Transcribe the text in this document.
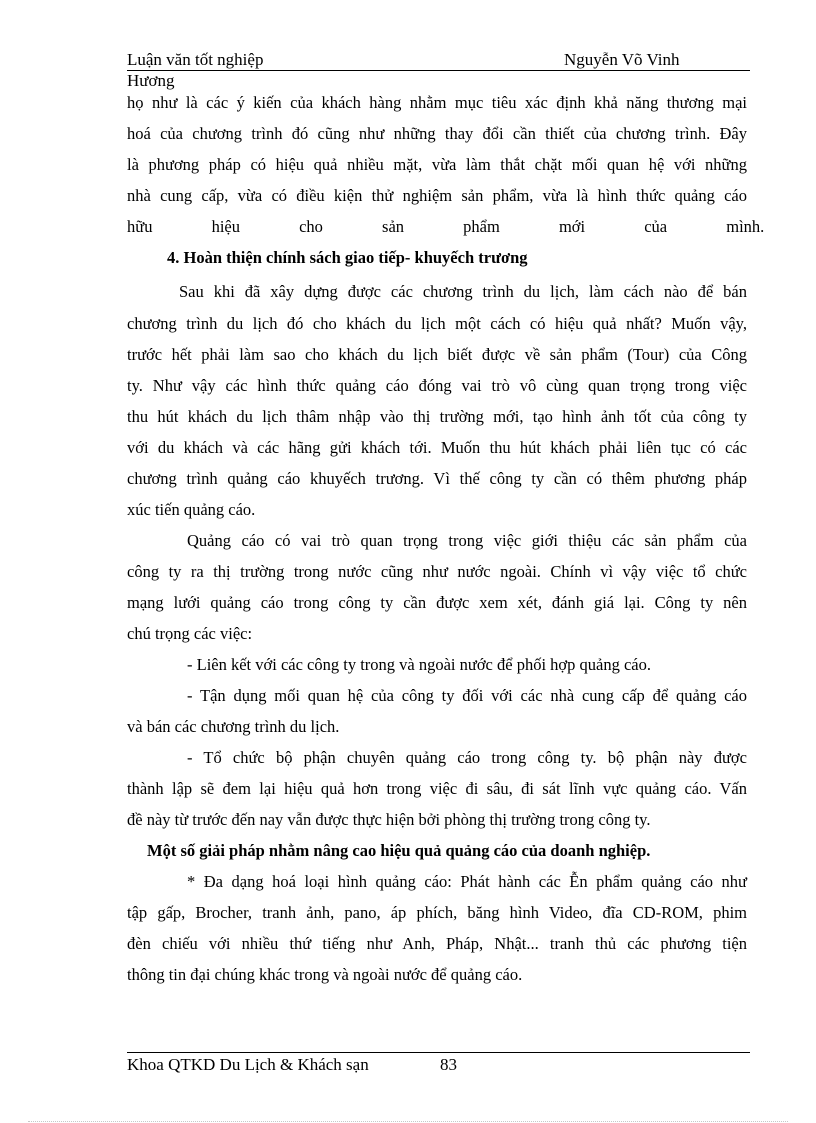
Luận văn tốt nghiệp	Nguyễn Võ Vinh
Hương
họ như là các ý kiến của khách hàng nhằm mục tiêu xác định khả năng thương mại
hoá của chương trình đó cũng như những thay đổi cần thiết của chương trình. Đây
là phương pháp có hiệu quả nhiều mặt, vừa làm thắt chặt mối quan hệ với những
nhà cung cấp, vừa có điều kiện thử nghiệm sản phẩm, vừa là hình thức quảng cáo
hữu hiệu cho sản phẩm mới của mình.
4. Hoàn thiện chính sách giao tiếp- khuyếch trương
Sau khi đã xây dựng được các chương trình du lịch, làm cách nào để bán
chương trình du lịch đó cho khách du lịch một cách có hiệu quả nhất? Muốn vậy,
trước hết phải làm sao cho khách du lịch biết được về sản phẩm (Tour) của Công
ty. Như vậy các hình thức quảng cáo đóng vai trò vô cùng quan trọng trong việc
thu hút khách du lịch thâm nhập vào thị trường mới, tạo hình ảnh tốt của công ty
với du khách và các hãng gửi khách tới. Muốn thu hút khách phải liên tục có các
chương trình quảng cáo khuyếch trương. Vì thế công ty cần có thêm phương pháp
xúc tiến quảng cáo.
Quảng cáo có vai trò quan trọng trong việc giới thiệu các sản phẩm của
công ty ra thị trường trong nước cũng như nước ngoài. Chính vì vậy việc tổ chức
mạng lưới quảng cáo trong công ty cần được xem xét, đánh giá lại. Công ty nên
chú trọng các việc:
- Liên kết với các công ty trong và ngoài nước để phối hợp quảng cáo.
- Tận dụng mối quan hệ của công ty đối với các nhà cung cấp để quảng cáo
và bán các chương trình du lịch.
- Tổ chức bộ phận chuyên quảng cáo trong công ty. bộ phận này được
thành lập sẽ đem lại hiệu quả hơn trong việc đi sâu, đi sát lĩnh vực quảng cáo. Vấn
đề này từ trước đến nay vẫn được thực hiện bởi phòng thị trường trong công ty.
Một số giải pháp nhằm nâng cao hiệu quả quảng cáo của doanh nghiệp.
* Đa dạng hoá loại hình quảng cáo: Phát hành các Ễn phẩm quảng cáo như
tập gấp, Brocher, tranh ảnh, pano, áp phích, băng hình Video, đĩa CD-ROM, phim
đèn chiếu với nhiều thứ tiếng như Anh, Pháp, Nhật... tranh thủ các phương tiện
thông tin đại chúng khác trong và ngoài nước để quảng cáo.
Khoa QTKD Du Lịch & Khách sạn	83
